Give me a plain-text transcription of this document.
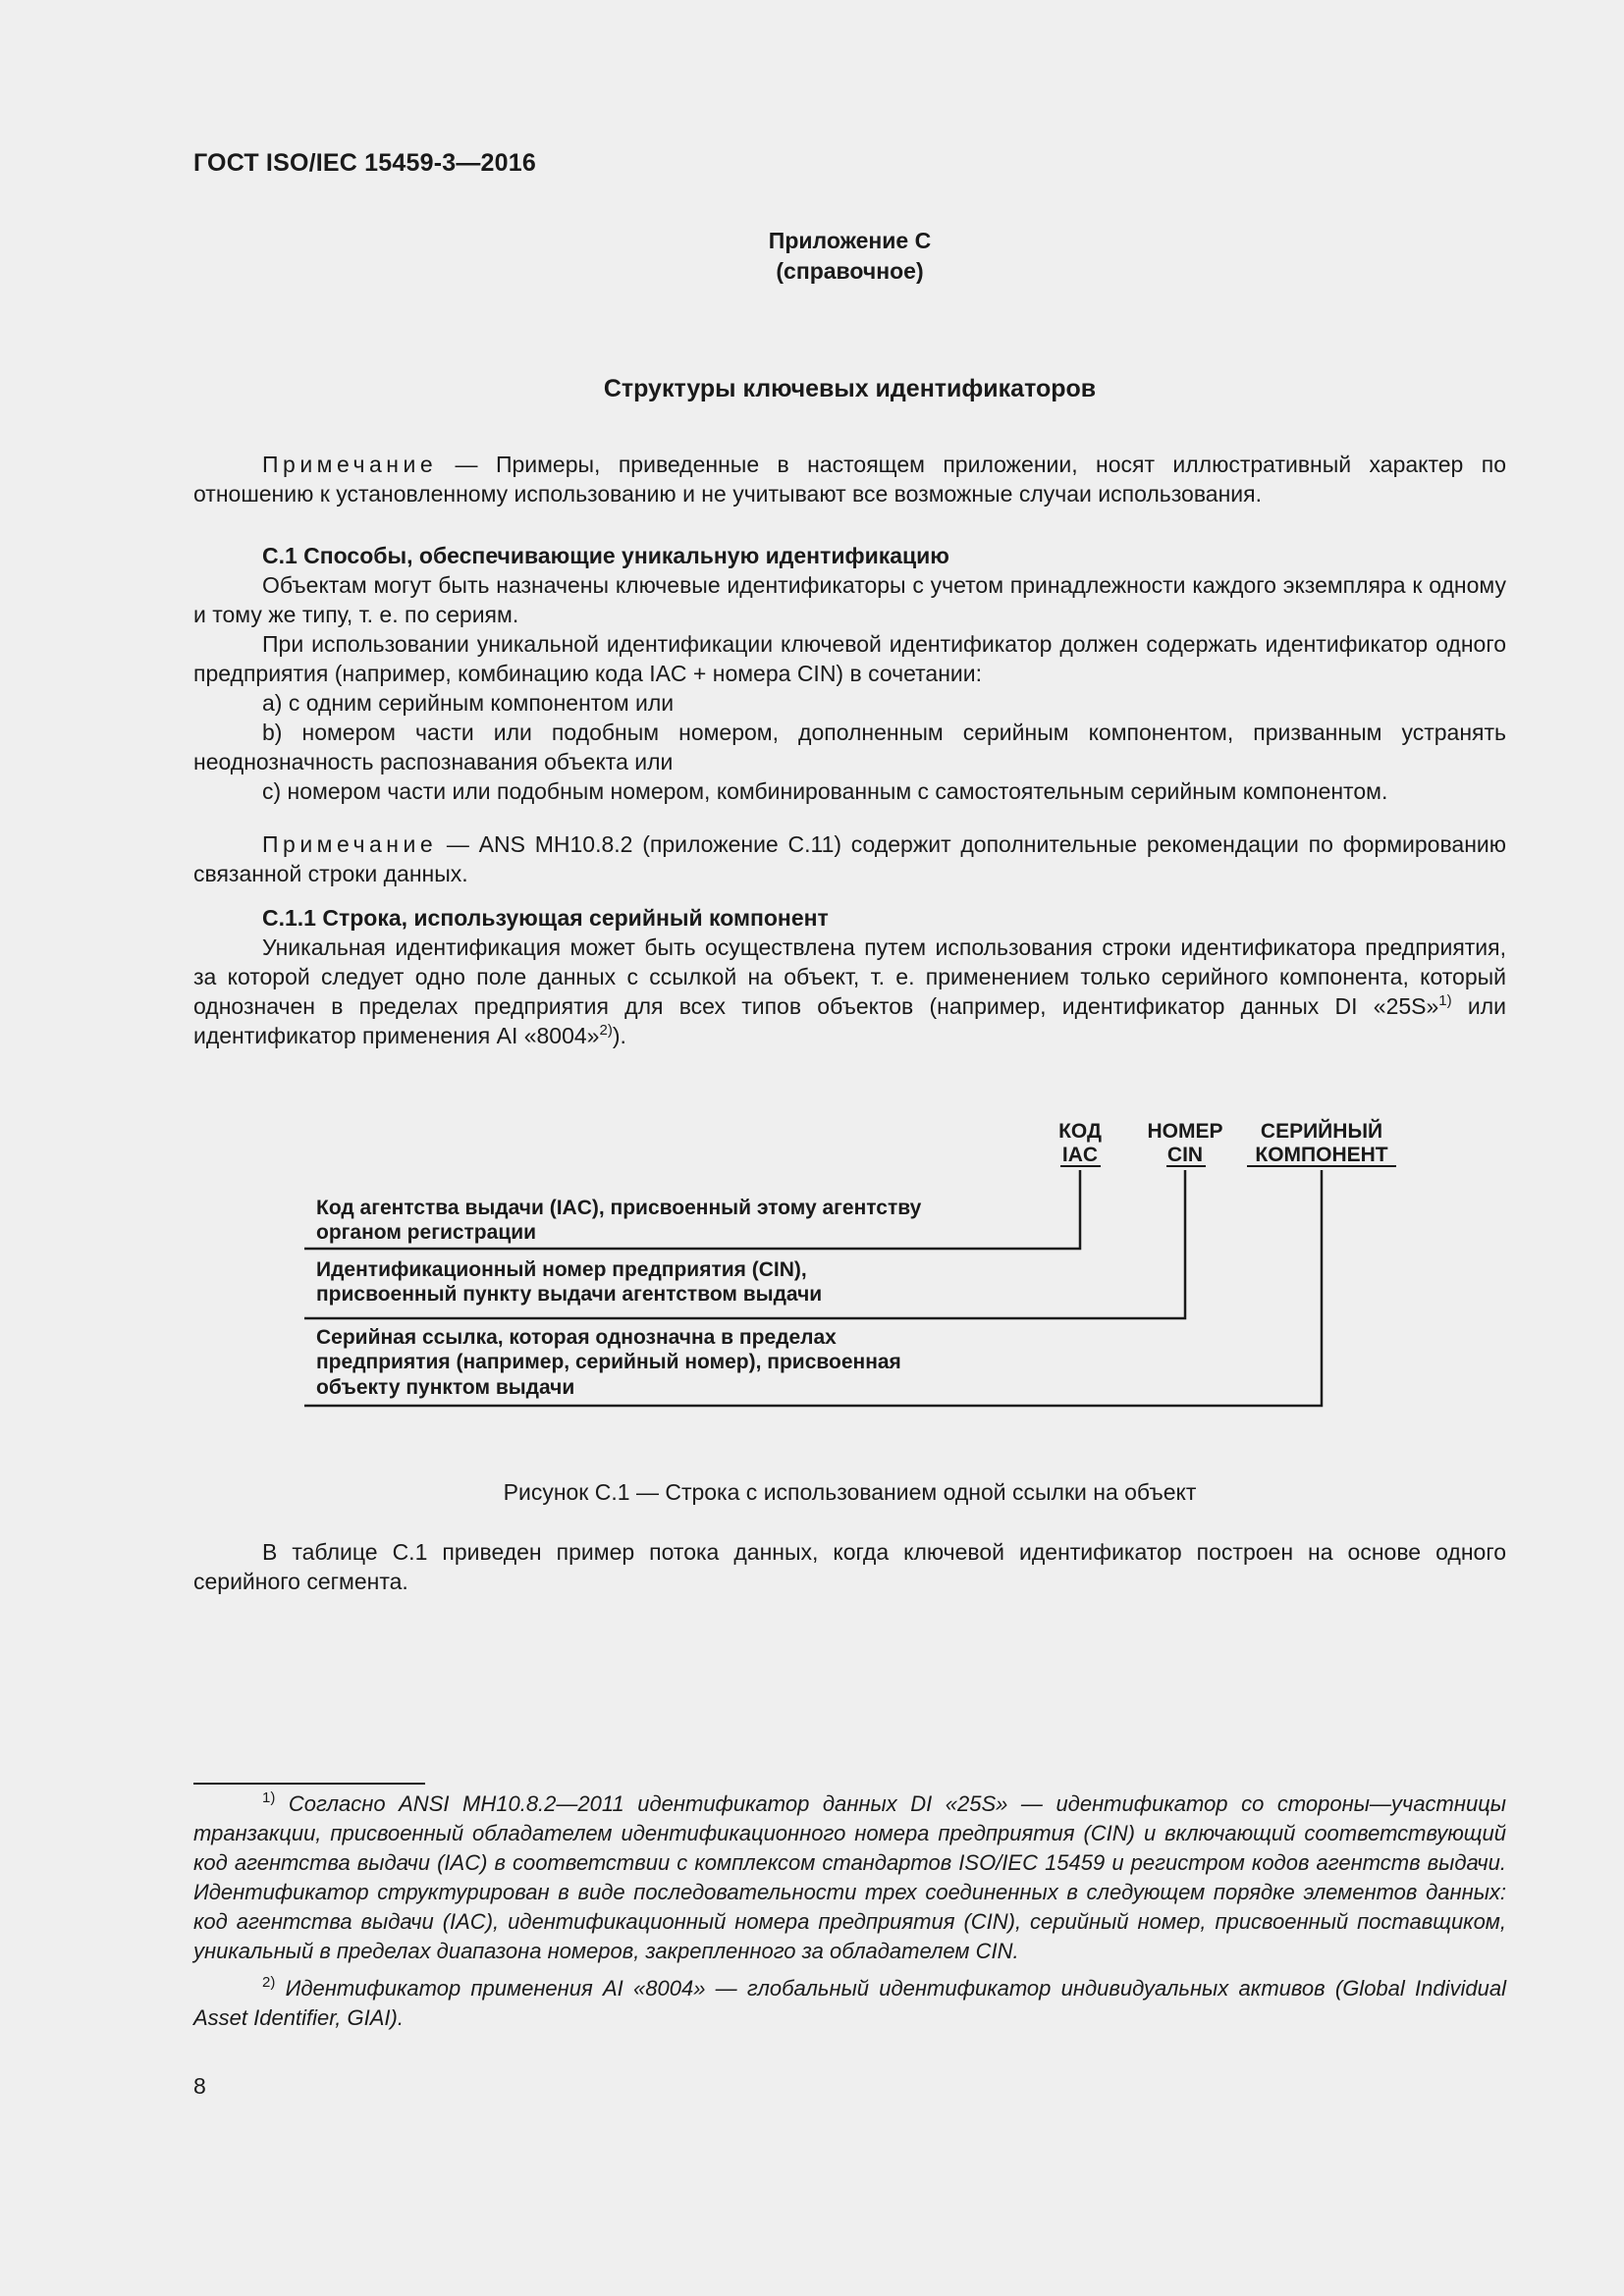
ГОСТ ISO/IEC 15459-3—2016
Приложение C
(справочное)
Структуры ключевых идентификаторов

Примечание — Примеры, приведенные в настоящем приложении, носят иллюстративный характер по отношению к установленному использованию и не учитывают все возможные случаи использования.

C.1 Способы, обеспечивающие уникальную идентификацию

Объектам могут быть назначены ключевые идентификаторы с учетом принадлежности каждого экземпляра к одному и тому же типу, т. е. по сериям.

При использовании уникальной идентификации ключевой идентификатор должен содержать идентификатор одного предприятия (например, комбинацию кода IAC + номера CIN) в сочетании:

a) с одним серийным компонентом или

b) номером части или подобным номером, дополненным серийным компонентом, призванным устранять неоднозначность распознавания объекта или

c) номером части или подобным номером, комбинированным с самостоятельным серийным компонентом.

Примечание — ANS MH10.8.2 (приложение C.11) содержит дополнительные рекомендации по формированию связанной строки данных.

C.1.1 Строка, использующая серийный компонент

Уникальная идентификация может быть осуществлена путем использования строки идентификатора предприятия, за которой следует одно поле данных с ссылкой на объект, т. е. применением только серийного компонента, который однозначен в пределах предприятия для всех типов объектов (например, идентификатор данных DI «25S»$^{1)}$ или идентификатор применения AI «8004»$^{2)}$).

КОД
IAC
НОМЕР
CIN
СЕРИЙНЫЙ
КОМПОНЕНТ
Код агентства выдачи (IAC), присвоенный этому агентству
органом регистрации
Идентификационный номер предприятия (CIN),
присвоенный пункту выдачи агентством выдачи
Серийная ссылка, которая однозначна в пределах
предприятия (например, серийный номер), присвоенная
объекту пунктом выдачи
Рисунок C.1 — Строка с использованием одной ссылки на объект

В таблице C.1 приведен пример потока данных, когда ключевой идентификатор построен на основе одного серийного сегмента.

$^{1)}$ Согласно ANSI MH10.8.2—2011 идентификатор данных DI «25S» — идентификатор со стороны—участницы транзакции, присвоенный обладателем идентификационного номера предприятия (CIN) и включающий соответствующий код агентства выдачи (IAC) в соответствии с комплексом стандартов ISO/IEC 15459 и регистром кодов агентств выдачи. Идентификатор структурирован в виде последовательности трех соединенных в следующем порядке элементов данных: код агентства выдачи (IAC), идентификационный номера предприятия (CIN), серийный номер, присвоенный поставщиком, уникальный в пределах диапазона номеров, закрепленного за обладателем CIN.

$^{2)}$ Идентификатор применения AI «8004» — глобальный идентификатор индивидуальных активов (Global Individual Asset Identifier, GIAI).

8
